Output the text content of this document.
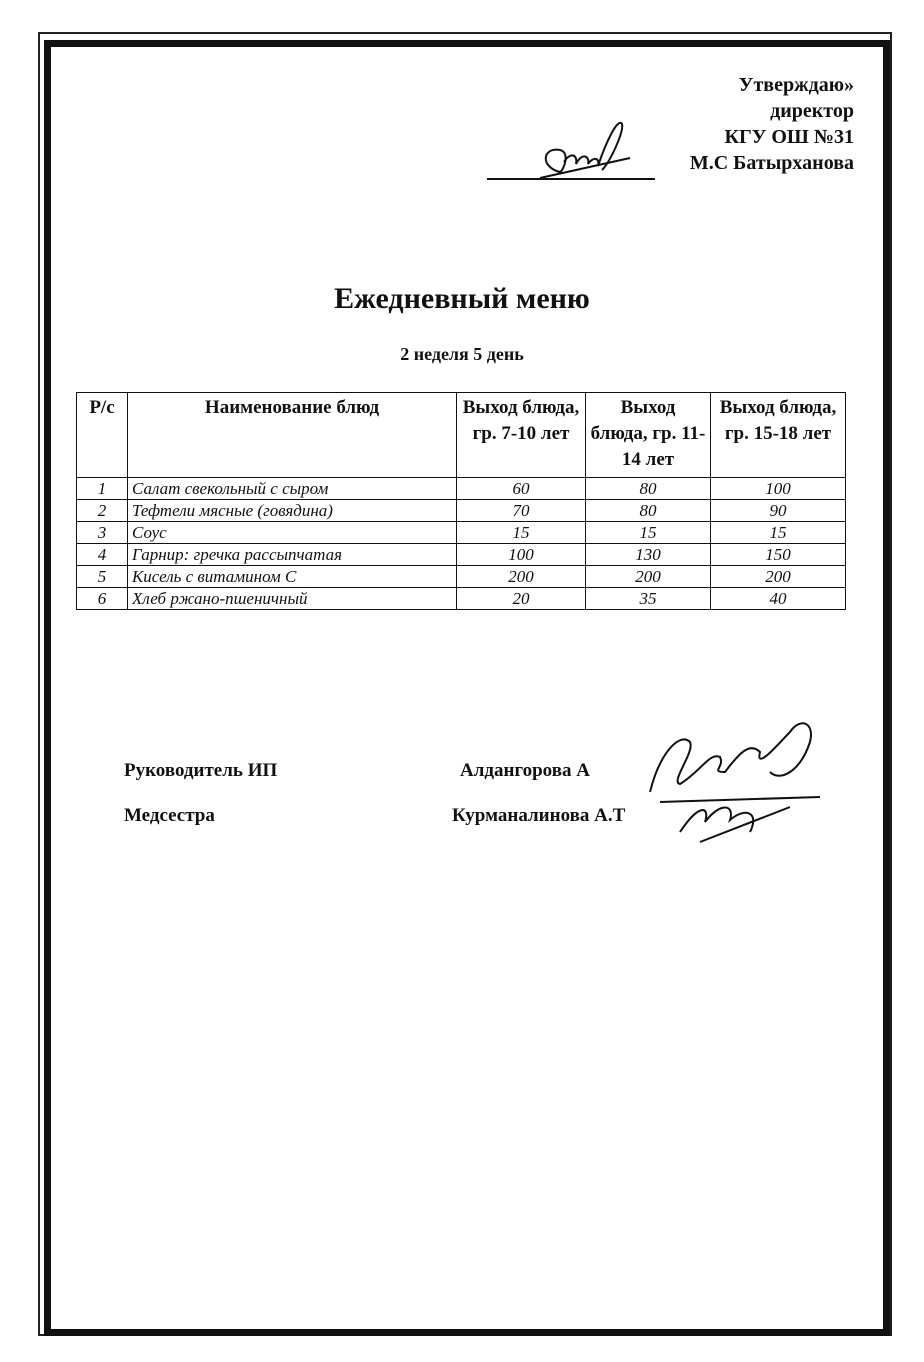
Утверждаю»
директор
КГУ ОШ №31
М.С Батырханова
Ежедневный меню
2 неделя 5 день
Р/с	Наименование блюд	Выход блюда, гр. 7-10 лет	Выход блюда, гр. 11-14 лет	Выход блюда, гр. 15-18 лет
1	Салат свекольный с сыром	60	80	100
2	Тефтели мясные (говядина)	70	80	90
3	Соус	15	15	15
4	Гарнир: гречка рассыпчатая	100	130	150
5	Кисель с витамином С	200	200	200
6	Хлеб ржано-пшеничный	20	35	40
Руководитель ИП	Алдангорова А
Медсестра	Курманалинова А.Т
